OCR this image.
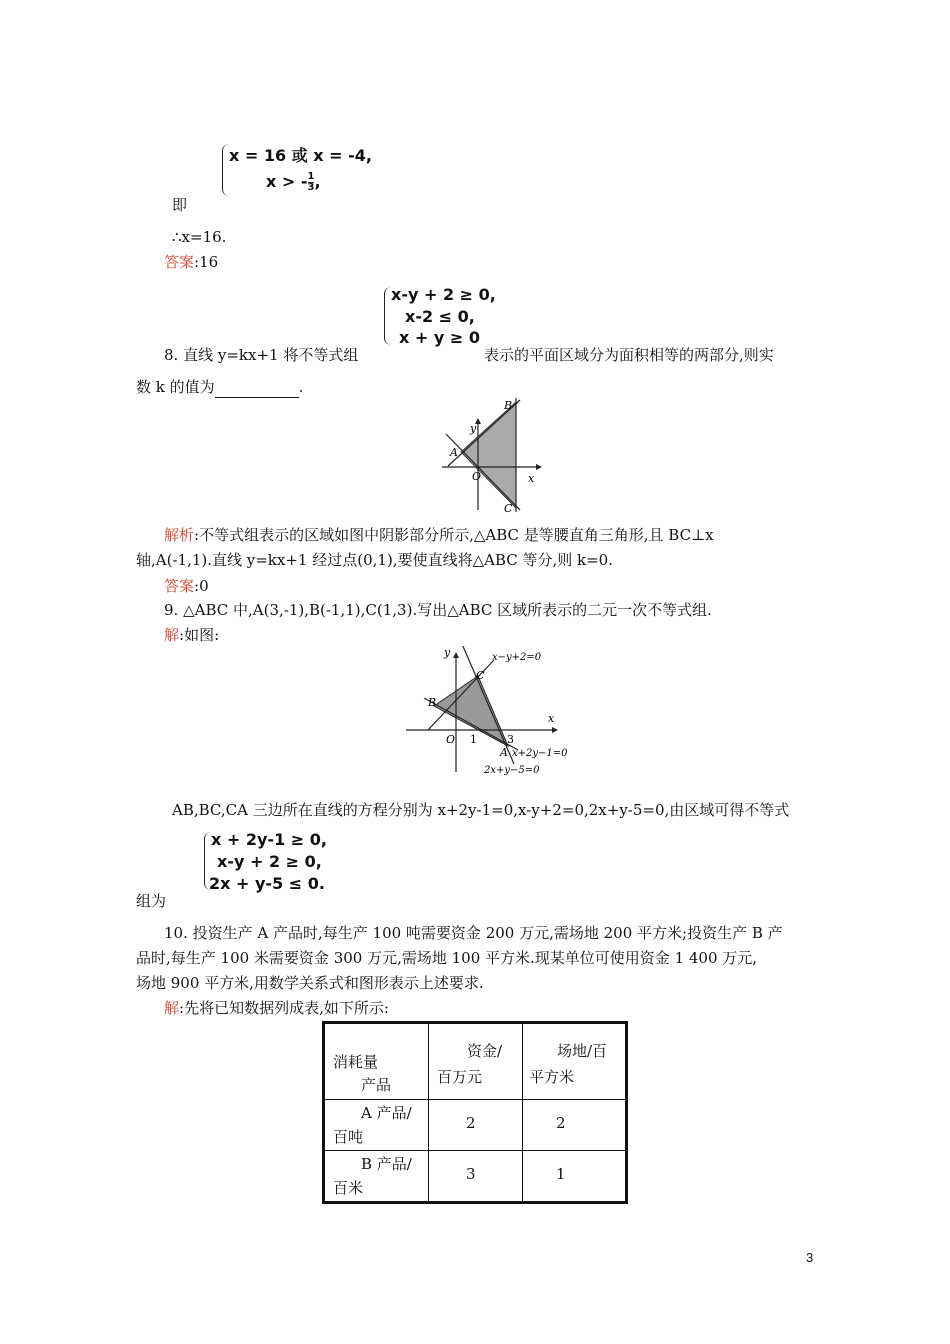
x = 16 或 x = -4,
x > - $\frac{1}{3}$ ,
即
∴x=16.
答案:16
x-y + 2 ≥ 0,
x-2 ≤ 0,
x + y ≥ 0
8. 直线 y=kx+1 将不等式组	表示的平面区域分为面积相等的两部分,则实
数 k 的值为	.
B
y
A
O	x
C
解析:不等式组表示的区域如图中阴影部分所示,△ABC 是等腰直角三角形,且 BC⊥x
轴,A(-1,1).直线 y=kx+1 经过点(0,1),要使直线将△ABC 等分,则 k=0.
答案:0
9. △ABC 中,A(3,-1),B(-1,1),C(1,3).写出△ABC 区域所表示的二元一次不等式组.
解:如图:
y	x−y+2=0
C
B
x
O 1	3
A x+2y−1=0
2x+y−5=0
AB,BC,CA 三边所在直线的方程分别为 x+2y-1=0,x-y+2=0,2x+y-5=0,由区域可得不等式
x + 2y-1 ≥ 0,
x-y + 2 ≥ 0,
2x + y-5 ≤ 0.
组为
10. 投资生产 A 产品时,每生产 100 吨需要资金 200 万元,需场地 200 平方米;投资生产 B 产
品时,每生产 100 米需要资金 300 万元,需场地 100 平方米.现某单位可使用资金 1 400 万元,
场地 900 平方米,用数学关系式和图形表示上述要求.
解:先将已知数据列成表,如下所示:
消耗量
产品	资金/
百万元	场地/百
平方米

A 产品/
百吨	2	2

B 产品/
百米	3	1
3
